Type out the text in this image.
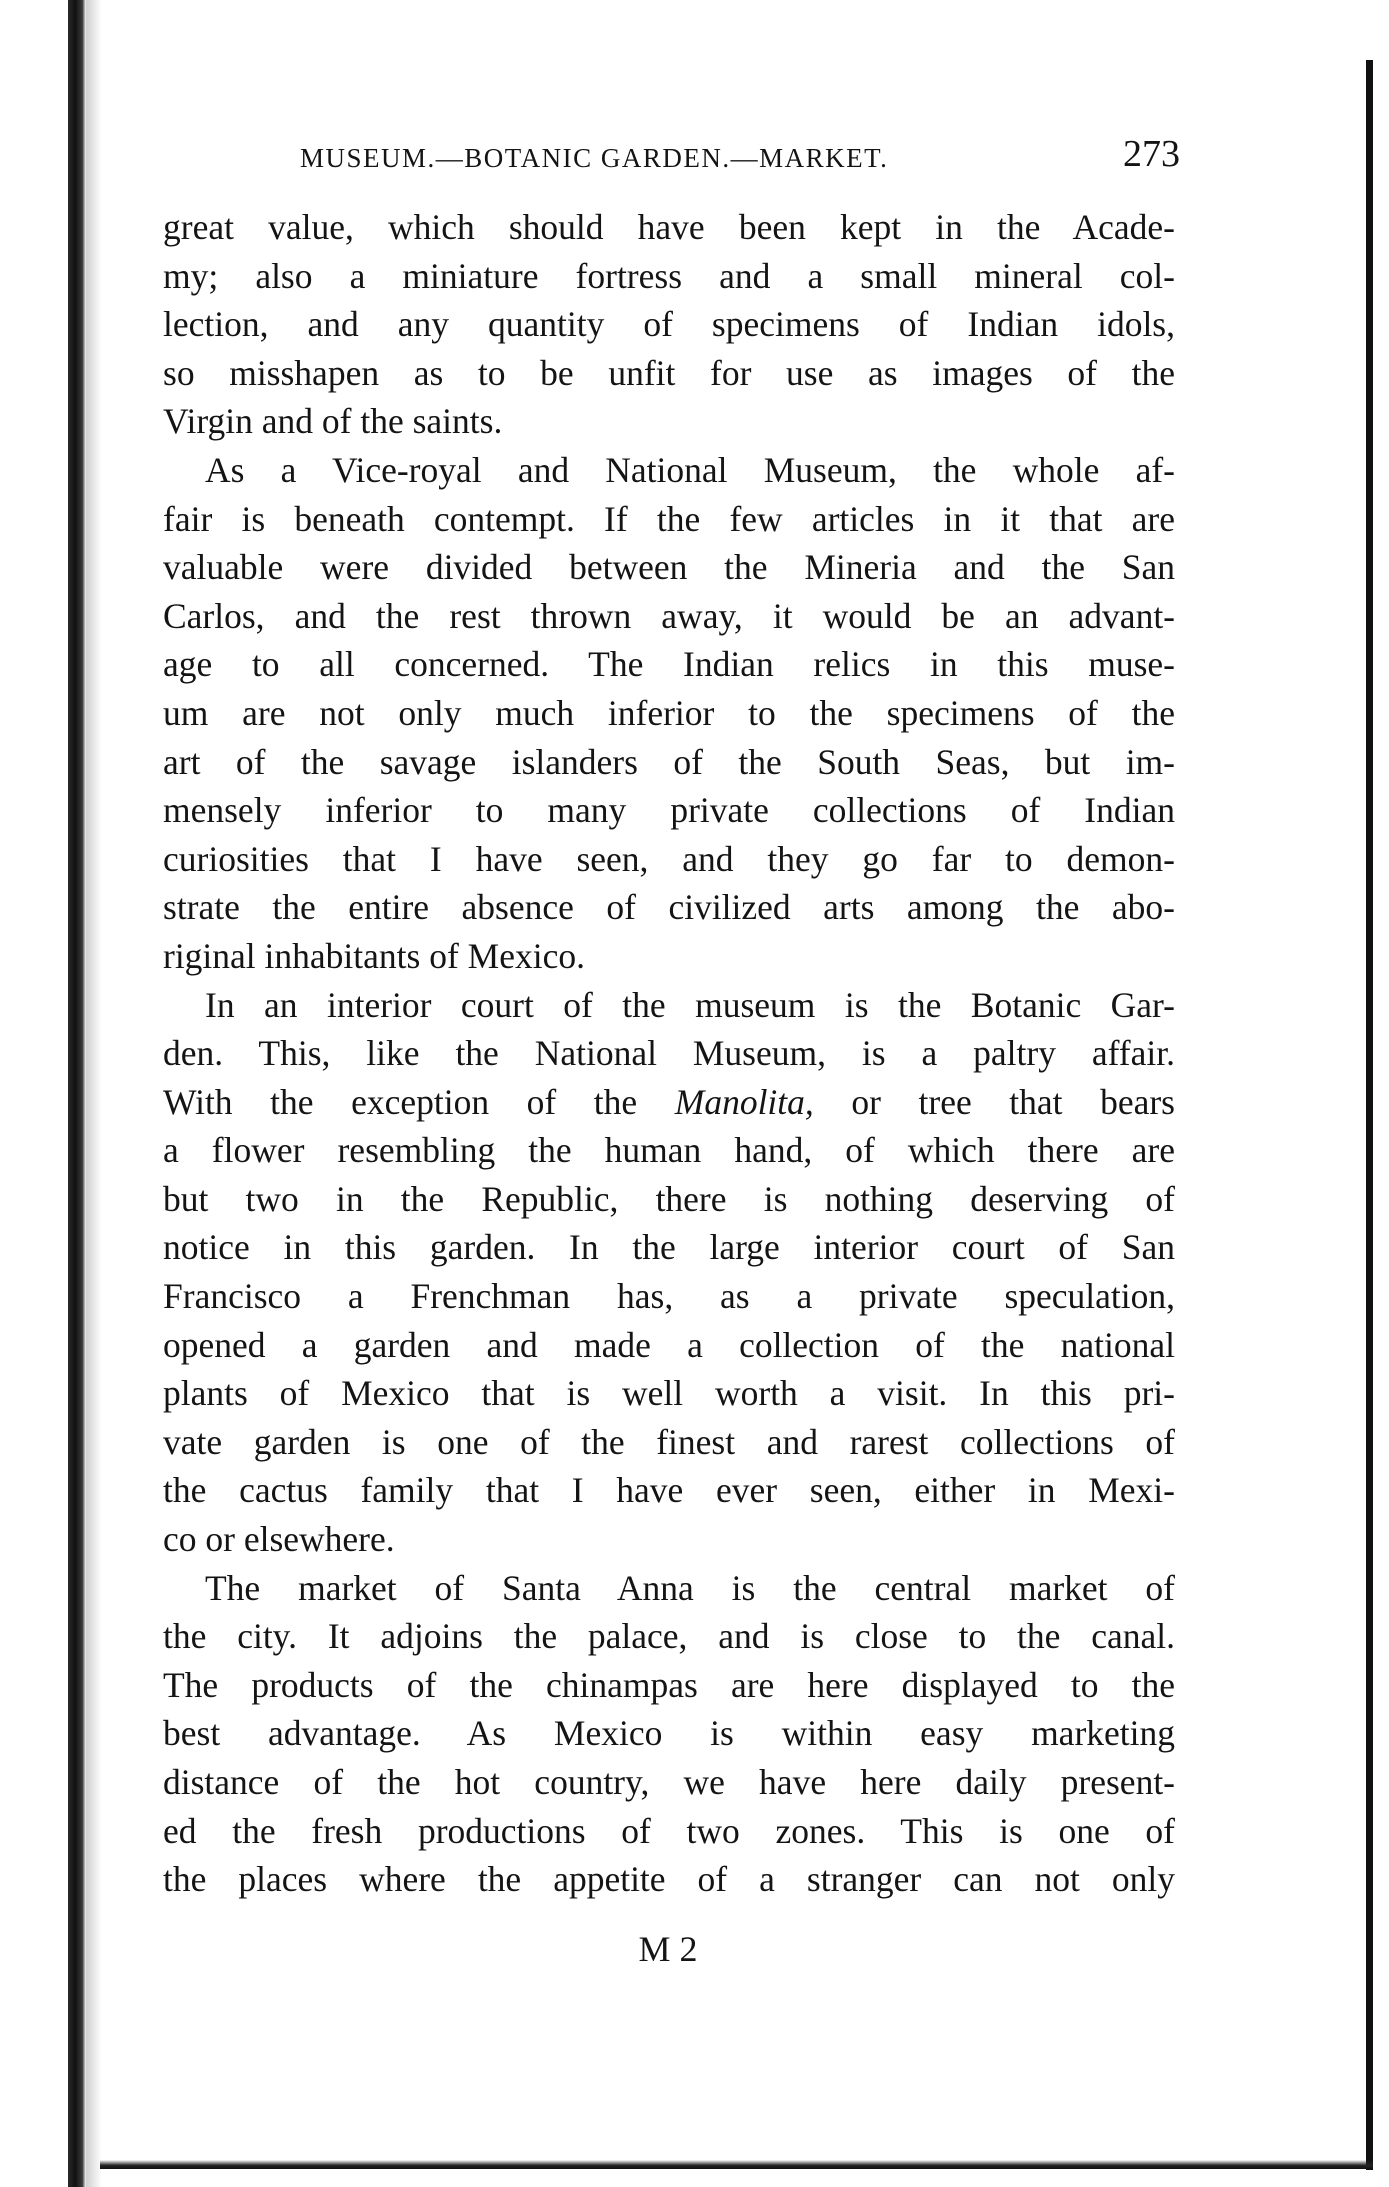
MUSEUM.—BOTANIC GARDEN.—MARKET.	273
great value, which should have been kept in the Acade-
my; also a miniature fortress and a small mineral col-
lection, and any quantity of specimens of Indian idols,
so misshapen as to be unfit for use as images of the
Virgin and of the saints.
As a Vice-royal and National Museum, the whole af-
fair is beneath contempt. If the few articles in it that are
valuable were divided between the Mineria and the San
Carlos, and the rest thrown away, it would be an advant-
age to all concerned. The Indian relics in this muse-
um are not only much inferior to the specimens of the
art of the savage islanders of the South Seas, but im-
mensely inferior to many private collections of Indian
curiosities that I have seen, and they go far to demon-
strate the entire absence of civilized arts among the abo-
riginal inhabitants of Mexico.
In an interior court of the museum is the Botanic Gar-
den. This, like the National Museum, is a paltry affair.
With the exception of the Manolita, or tree that bears
a flower resembling the human hand, of which there are
but two in the Republic, there is nothing deserving of
notice in this garden. In the large interior court of San
Francisco a Frenchman has, as a private speculation,
opened a garden and made a collection of the national
plants of Mexico that is well worth a visit. In this pri-
vate garden is one of the finest and rarest collections of
the cactus family that I have ever seen, either in Mexi-
co or elsewhere.
The market of Santa Anna is the central market of
the city. It adjoins the palace, and is close to the canal.
The products of the chinampas are here displayed to the
best advantage. As Mexico is within easy marketing
distance of the hot country, we have here daily present-
ed the fresh productions of two zones. This is one of
the places where the appetite of a stranger can not only
M 2
